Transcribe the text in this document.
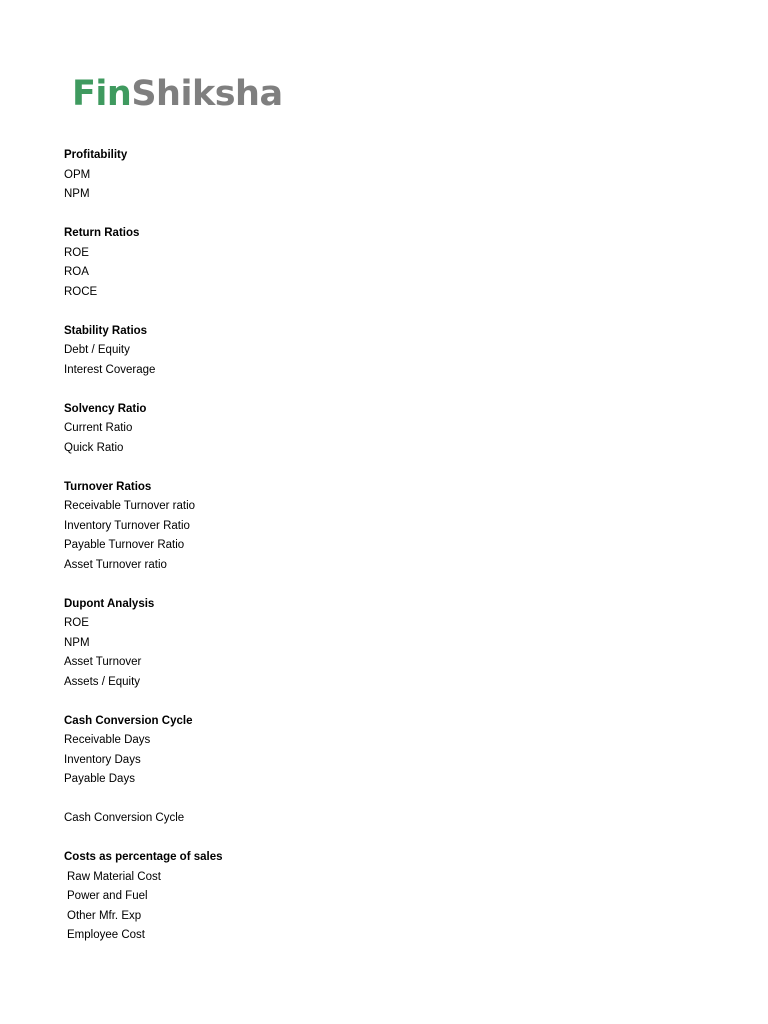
FinShiksha

Profitability

OPM

NPM

Return Ratios

ROE

ROA

ROCE

Stability Ratios

Debt / Equity

Interest Coverage

Solvency Ratio

Current Ratio

Quick Ratio

Turnover Ratios

Receivable Turnover ratio

Inventory Turnover Ratio

Payable Turnover Ratio

Asset Turnover ratio

Dupont Analysis

ROE

NPM

Asset Turnover

Assets / Equity

Cash Conversion Cycle

Receivable Days

Inventory Days

Payable Days

Cash Conversion Cycle

Costs as percentage of sales

Raw Material Cost

Power and Fuel

Other Mfr. Exp

Employee Cost
